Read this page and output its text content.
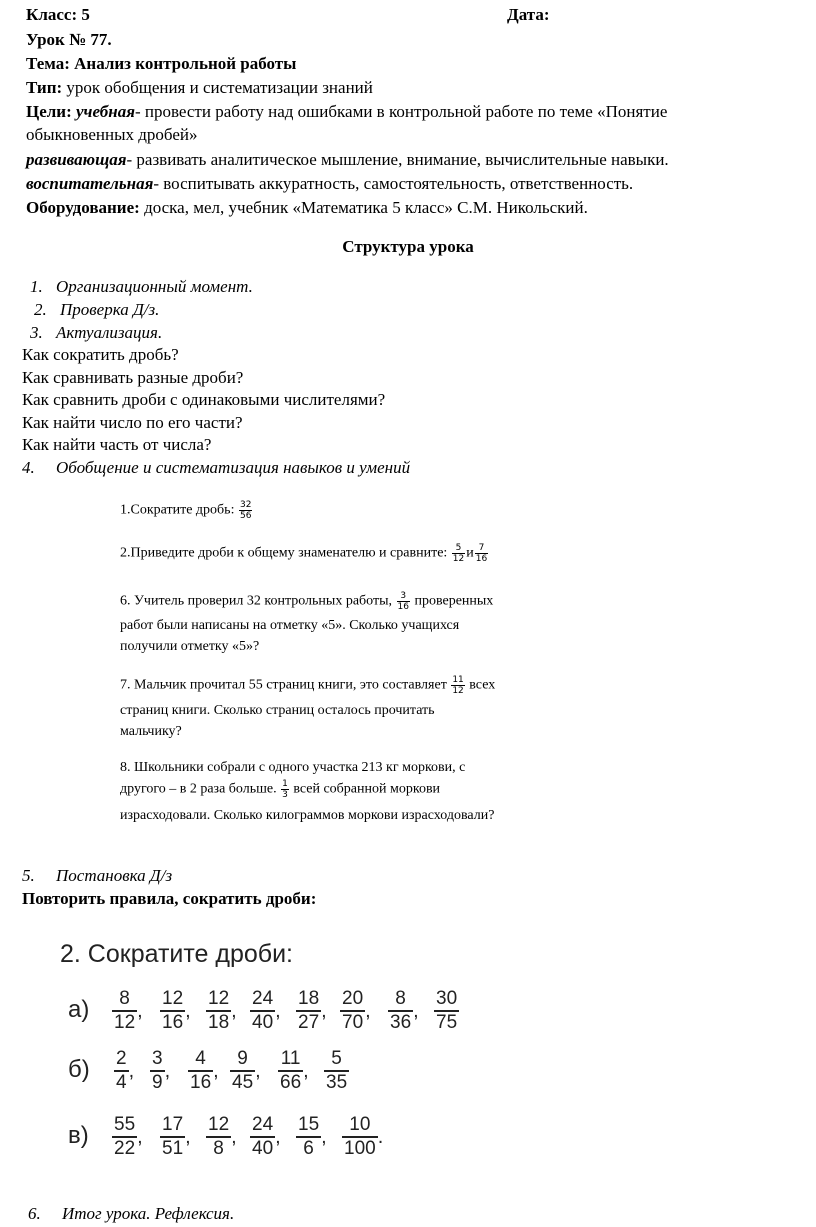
Класс: 5	Дата:
Урок № 77.
Тема: Анализ контрольной работы
Тип: урок обобщения и систематизации знаний
Цели: учебная- провести работу над ошибками в контрольной работе по теме «Понятие
обыкновенных дробей»
развивающая- развивать аналитическое мышление, внимание, вычислительные навыки.
воспитательная- воспитывать аккуратность, самостоятельность, ответственность.
Оборудование: доска, мел, учебник «Математика 5 класс» С.М. Никольский.
Структура урока
1. Организационный момент.
2. Проверка Д/з.
3. Актуализация.
Как сократить дробь?
Как сравнивать разные дроби?
Как сравнить дроби с одинаковыми числителями?
Как найти число по его части?
Как найти часть от числа?
4. Обобщение и систематизация навыков и умений
1.Сократите дробь: $\frac{32}{56}$
2.Приведите дроби к общему знаменателю и сравните: $\frac{5}{12}$ и $\frac{7}{16}$
6. Учитель проверил 32 контрольных работы, $\frac{3}{16}$ проверенных
работ были написаны на отметку «5». Сколько учащихся
получили отметку «5»?
7. Мальчик прочитал 55 страниц книги, это составляет $\frac{11}{12}$ всех
страниц книги. Сколько страниц осталось прочитать
мальчику?
8. Школьники собрали с одного участка 213 кг моркови, с
другого – в 2 раза больше. $\frac{1}{3}$ всей собранной моркови
израсходовали. Сколько килограммов моркови израсходовали?
5. Постановка Д/з
Повторить правила, сократить дроби:
2. Сократите дроби:
$а) \frac{8}{12}$ , $\frac{12}{16}$ , $\frac{12}{18}$ , $\frac{24}{40}$ , $\frac{18}{27}$ , $\frac{20}{70}$ , $\frac{8}{36}$ , $\frac{30}{75}$
$б) \frac{2}{4}$ , $\frac{3}{9}$ , $\frac{4}{16}$ , $\frac{9}{45}$ , $\frac{11}{66}$ , $\frac{5}{35}$
$в) \frac{55}{22}$ , $\frac{17}{51}$ , $\frac{12}{8}$ , $\frac{24}{40}$ , $\frac{15}{6}$ , $\frac{10}{100}$ .
6. Итог урока. Рефлексия.
